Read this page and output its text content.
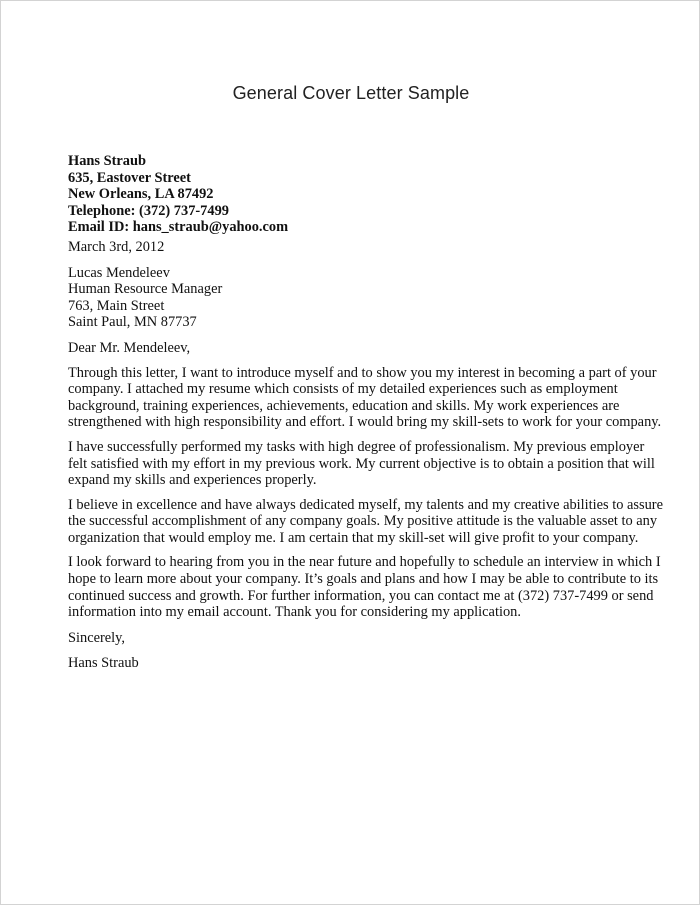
General Cover Letter Sample
Hans Straub
635, Eastover Street
New Orleans, LA 87492
Telephone: (372) 737-7499
Email ID: hans_straub@yahoo.com
March 3rd, 2012
Lucas Mendeleev
Human Resource Manager
763, Main Street
Saint Paul, MN 87737
Dear Mr. Mendeleev,
Through this letter, I want to introduce myself and to show you my interest in becoming a part of your
company. I attached my resume which consists of my detailed experiences such as employment
background, training experiences, achievements, education and skills. My work experiences are
strengthened with high responsibility and effort. I would bring my skill-sets to work for your company.
I have successfully performed my tasks with high degree of professionalism. My previous employer
felt satisfied with my effort in my previous work. My current objective is to obtain a position that will
expand my skills and experiences properly.
I believe in excellence and have always dedicated myself, my talents and my creative abilities to assure
the successful accomplishment of any company goals. My positive attitude is the valuable asset to any
organization that would employ me. I am certain that my skill-set will give profit to your company.
I look forward to hearing from you in the near future and hopefully to schedule an interview in which I
hope to learn more about your company. It’s goals and plans and how I may be able to contribute to its
continued success and growth. For further information, you can contact me at (372) 737-7499 or send
information into my email account. Thank you for considering my application.
Sincerely,
Hans Straub
